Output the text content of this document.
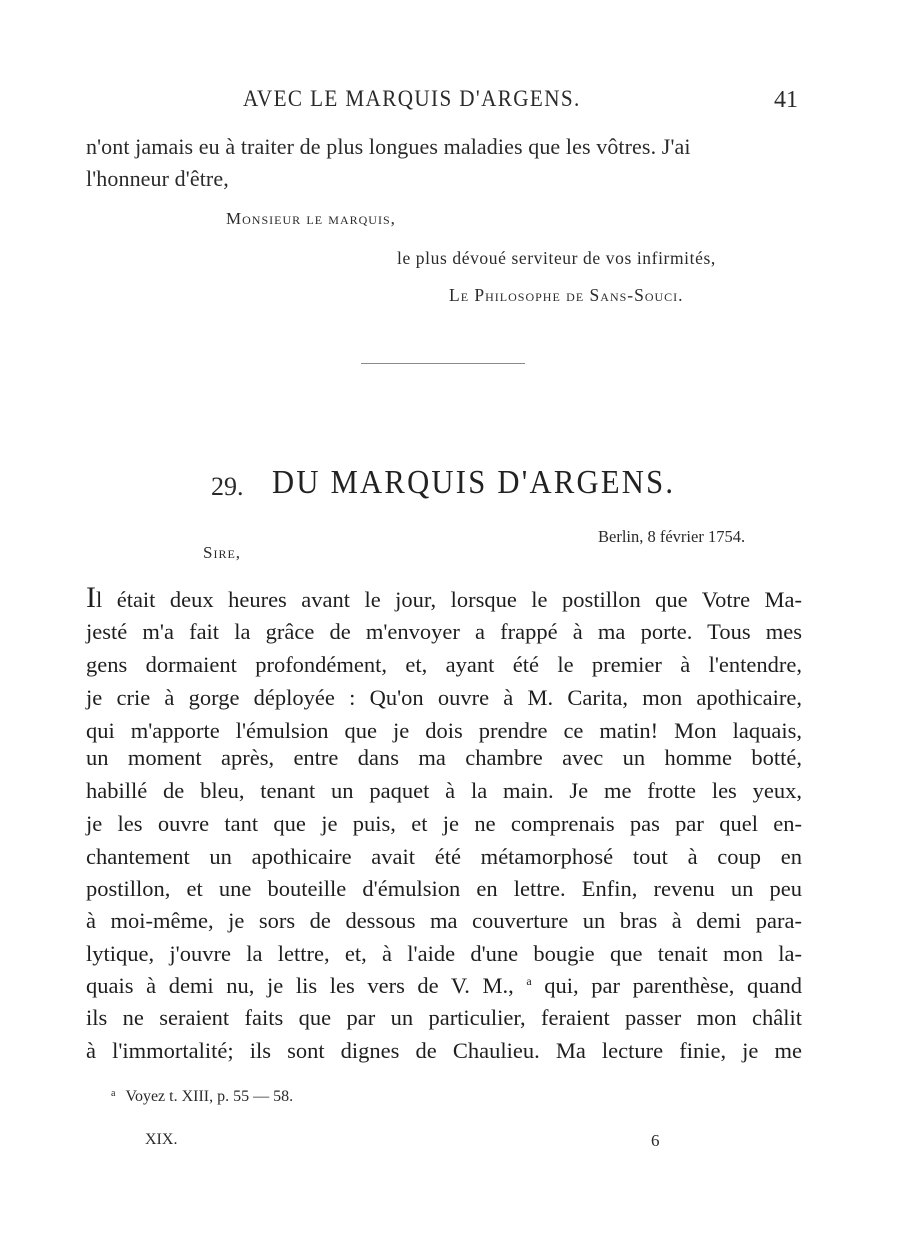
AVEC LE MARQUIS D'ARGENS.	41
n'ont jamais eu à traiter de plus longues maladies que les vôtres. J'ai
l'honneur d'être,
Monsieur le marquis,
le plus dévoué serviteur de vos infirmités,
Le Philosophe de Sans-Souci.
29. DU MARQUIS D'ARGENS.
Berlin, 8 février 1754.
Sire,
Il était deux heures avant le jour, lorsque le postillon que Votre Ma-
jesté m'a fait la grâce de m'envoyer a frappé à ma porte. Tous mes
gens dormaient profondément, et, ayant été le premier à l'entendre,
je crie à gorge déployée : Qu'on ouvre à M. Carita, mon apothicaire,
qui m'apporte l'émulsion que je dois prendre ce matin! Mon laquais,
un moment après, entre dans ma chambre avec un homme botté,
habillé de bleu, tenant un paquet à la main. Je me frotte les yeux,
je les ouvre tant que je puis, et je ne comprenais pas par quel en-
chantement un apothicaire avait été métamorphosé tout à coup en
postillon, et une bouteille d'émulsion en lettre. Enfin, revenu un peu
à moi-même, je sors de dessous ma couverture un bras à demi para-
lytique, j'ouvre la lettre, et, à l'aide d'une bougie que tenait mon la-
quais à demi nu, je lis les vers de V. M., $^a$ qui, par parenthèse, quand
ils ne seraient faits que par un particulier, feraient passer mon châlit
à l'immortalité; ils sont dignes de Chaulieu. Ma lecture finie, je me
$^a$ Voyez t. XIII, p. 55 — 58.
XIX.	6
